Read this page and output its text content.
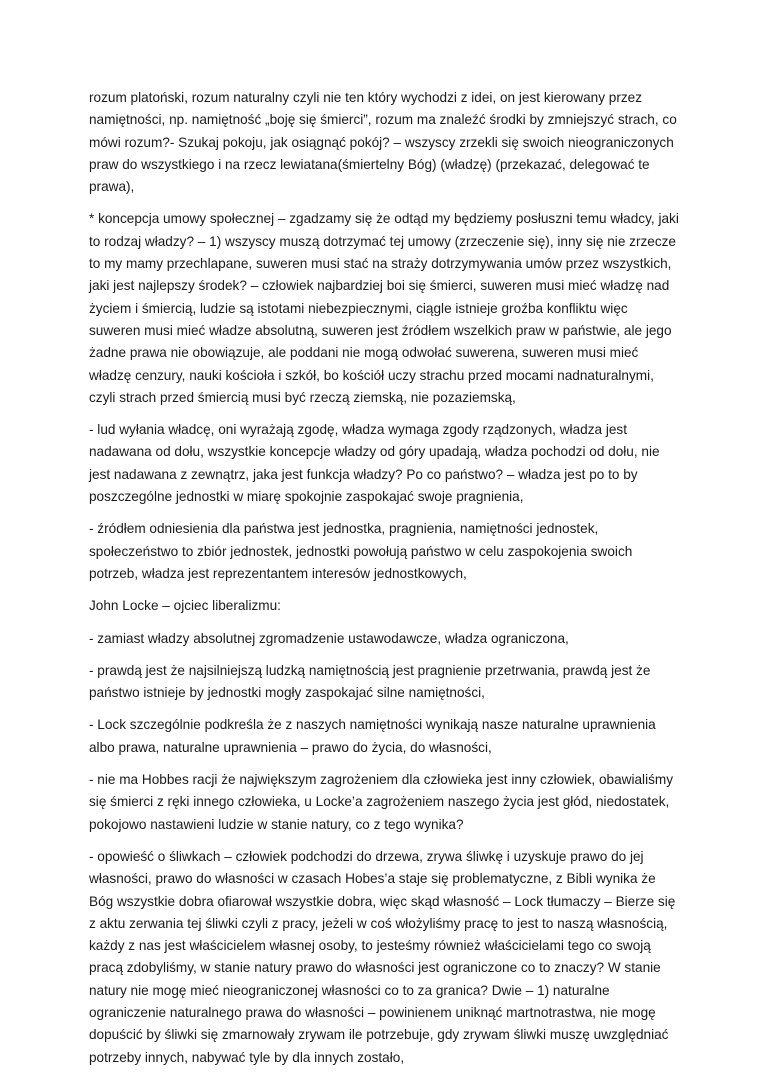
rozum platoński, rozum naturalny czyli nie ten który wychodzi z idei, on jest kierowany przez namiętności, np. namiętność „boję się śmierci”, rozum ma znaleźć środki by zmniejszyć strach, co mówi rozum?- Szukaj pokoju, jak osiągnąć pokój? – wszyscy zrzekli się swoich nieograniczonych praw do wszystkiego i na rzecz lewiatana(śmiertelny Bóg) (władzę) (przekazać, delegować te prawa),

* koncepcja umowy społecznej – zgadzamy się że odtąd my będziemy posłuszni temu władcy, jaki to rodzaj władzy? – 1) wszyscy muszą dotrzymać tej umowy (zrzeczenie się), inny się nie zrzecze to my mamy przechlapane, suweren musi stać na straży dotrzymywania umów przez wszystkich, jaki jest najlepszy środek? – człowiek najbardziej boi się śmierci, suweren musi mieć władzę nad życiem i śmiercią, ludzie są istotami niebezpiecznymi, ciągle istnieje groźba konfliktu więc suweren musi mieć władze absolutną, suweren jest źródłem wszelkich praw w państwie, ale jego żadne prawa nie obowiązuje, ale poddani nie mogą odwołać suwerena, suweren musi mieć władzę cenzury, nauki kościoła i szkół, bo kościół uczy strachu przed mocami nadnaturalnymi, czyli strach przed śmiercią musi być rzeczą ziemską, nie pozaziemską,

- lud wyłania władcę, oni wyrażają zgodę, władza wymaga zgody rządzonych, władza jest nadawana od dołu, wszystkie koncepcje władzy od góry upadają, władza pochodzi od dołu, nie jest nadawana z zewnątrz, jaka jest funkcja władzy? Po co państwo? – władza jest po to by poszczególne jednostki w miarę spokojnie zaspokajać swoje pragnienia,

- źródłem odniesienia dla państwa jest jednostka, pragnienia, namiętności jednostek, społeczeństwo to zbiór jednostek, jednostki powołują państwo w celu zaspokojenia swoich potrzeb, władza jest reprezentantem interesów jednostkowych,

John Locke – ojciec liberalizmu:

- zamiast władzy absolutnej zgromadzenie ustawodawcze, władza ograniczona,

- prawdą jest że najsilniejszą ludzką namiętnością jest pragnienie przetrwania, prawdą jest że państwo istnieje by jednostki mogły zaspokajać silne namiętności,

- Lock szczególnie podkreśla że z naszych namiętności wynikają nasze naturalne uprawnienia albo prawa, naturalne uprawnienia – prawo do życia, do własności,

- nie ma Hobbes racji że największym zagrożeniem dla człowieka jest inny człowiek, obawialiśmy się śmierci z ręki innego człowieka, u Locke’a zagrożeniem naszego życia jest głód, niedostatek, pokojowo nastawieni ludzie w stanie natury, co z tego wynika?

- opowieść o śliwkach – człowiek podchodzi do drzewa, zrywa śliwkę i uzyskuje prawo do jej własności, prawo do własności w czasach Hobes’a staje się problematyczne, z Bibli wynika że Bóg wszystkie dobra ofiarował wszystkie dobra, więc skąd własność – Lock tłumaczy – Bierze się z aktu zerwania tej śliwki czyli z pracy, jeżeli w coś włożyliśmy pracę to jest to naszą własnością, każdy z nas jest właścicielem własnej osoby, to jesteśmy również właścicielami tego co swoją pracą zdobyliśmy, w stanie natury prawo do własności jest ograniczone co to znaczy? W stanie natury nie mogę mieć nieograniczonej własności co to za granica? Dwie – 1) naturalne ograniczenie naturalnego prawa do własności – powinienem uniknąć martnotrastwa, nie mogę dopuścić by śliwki się zmarnowały zrywam ile potrzebuje, gdy zrywam śliwki muszę uwzględniać potrzeby innych, nabywać tyle by dla innych zostało,
